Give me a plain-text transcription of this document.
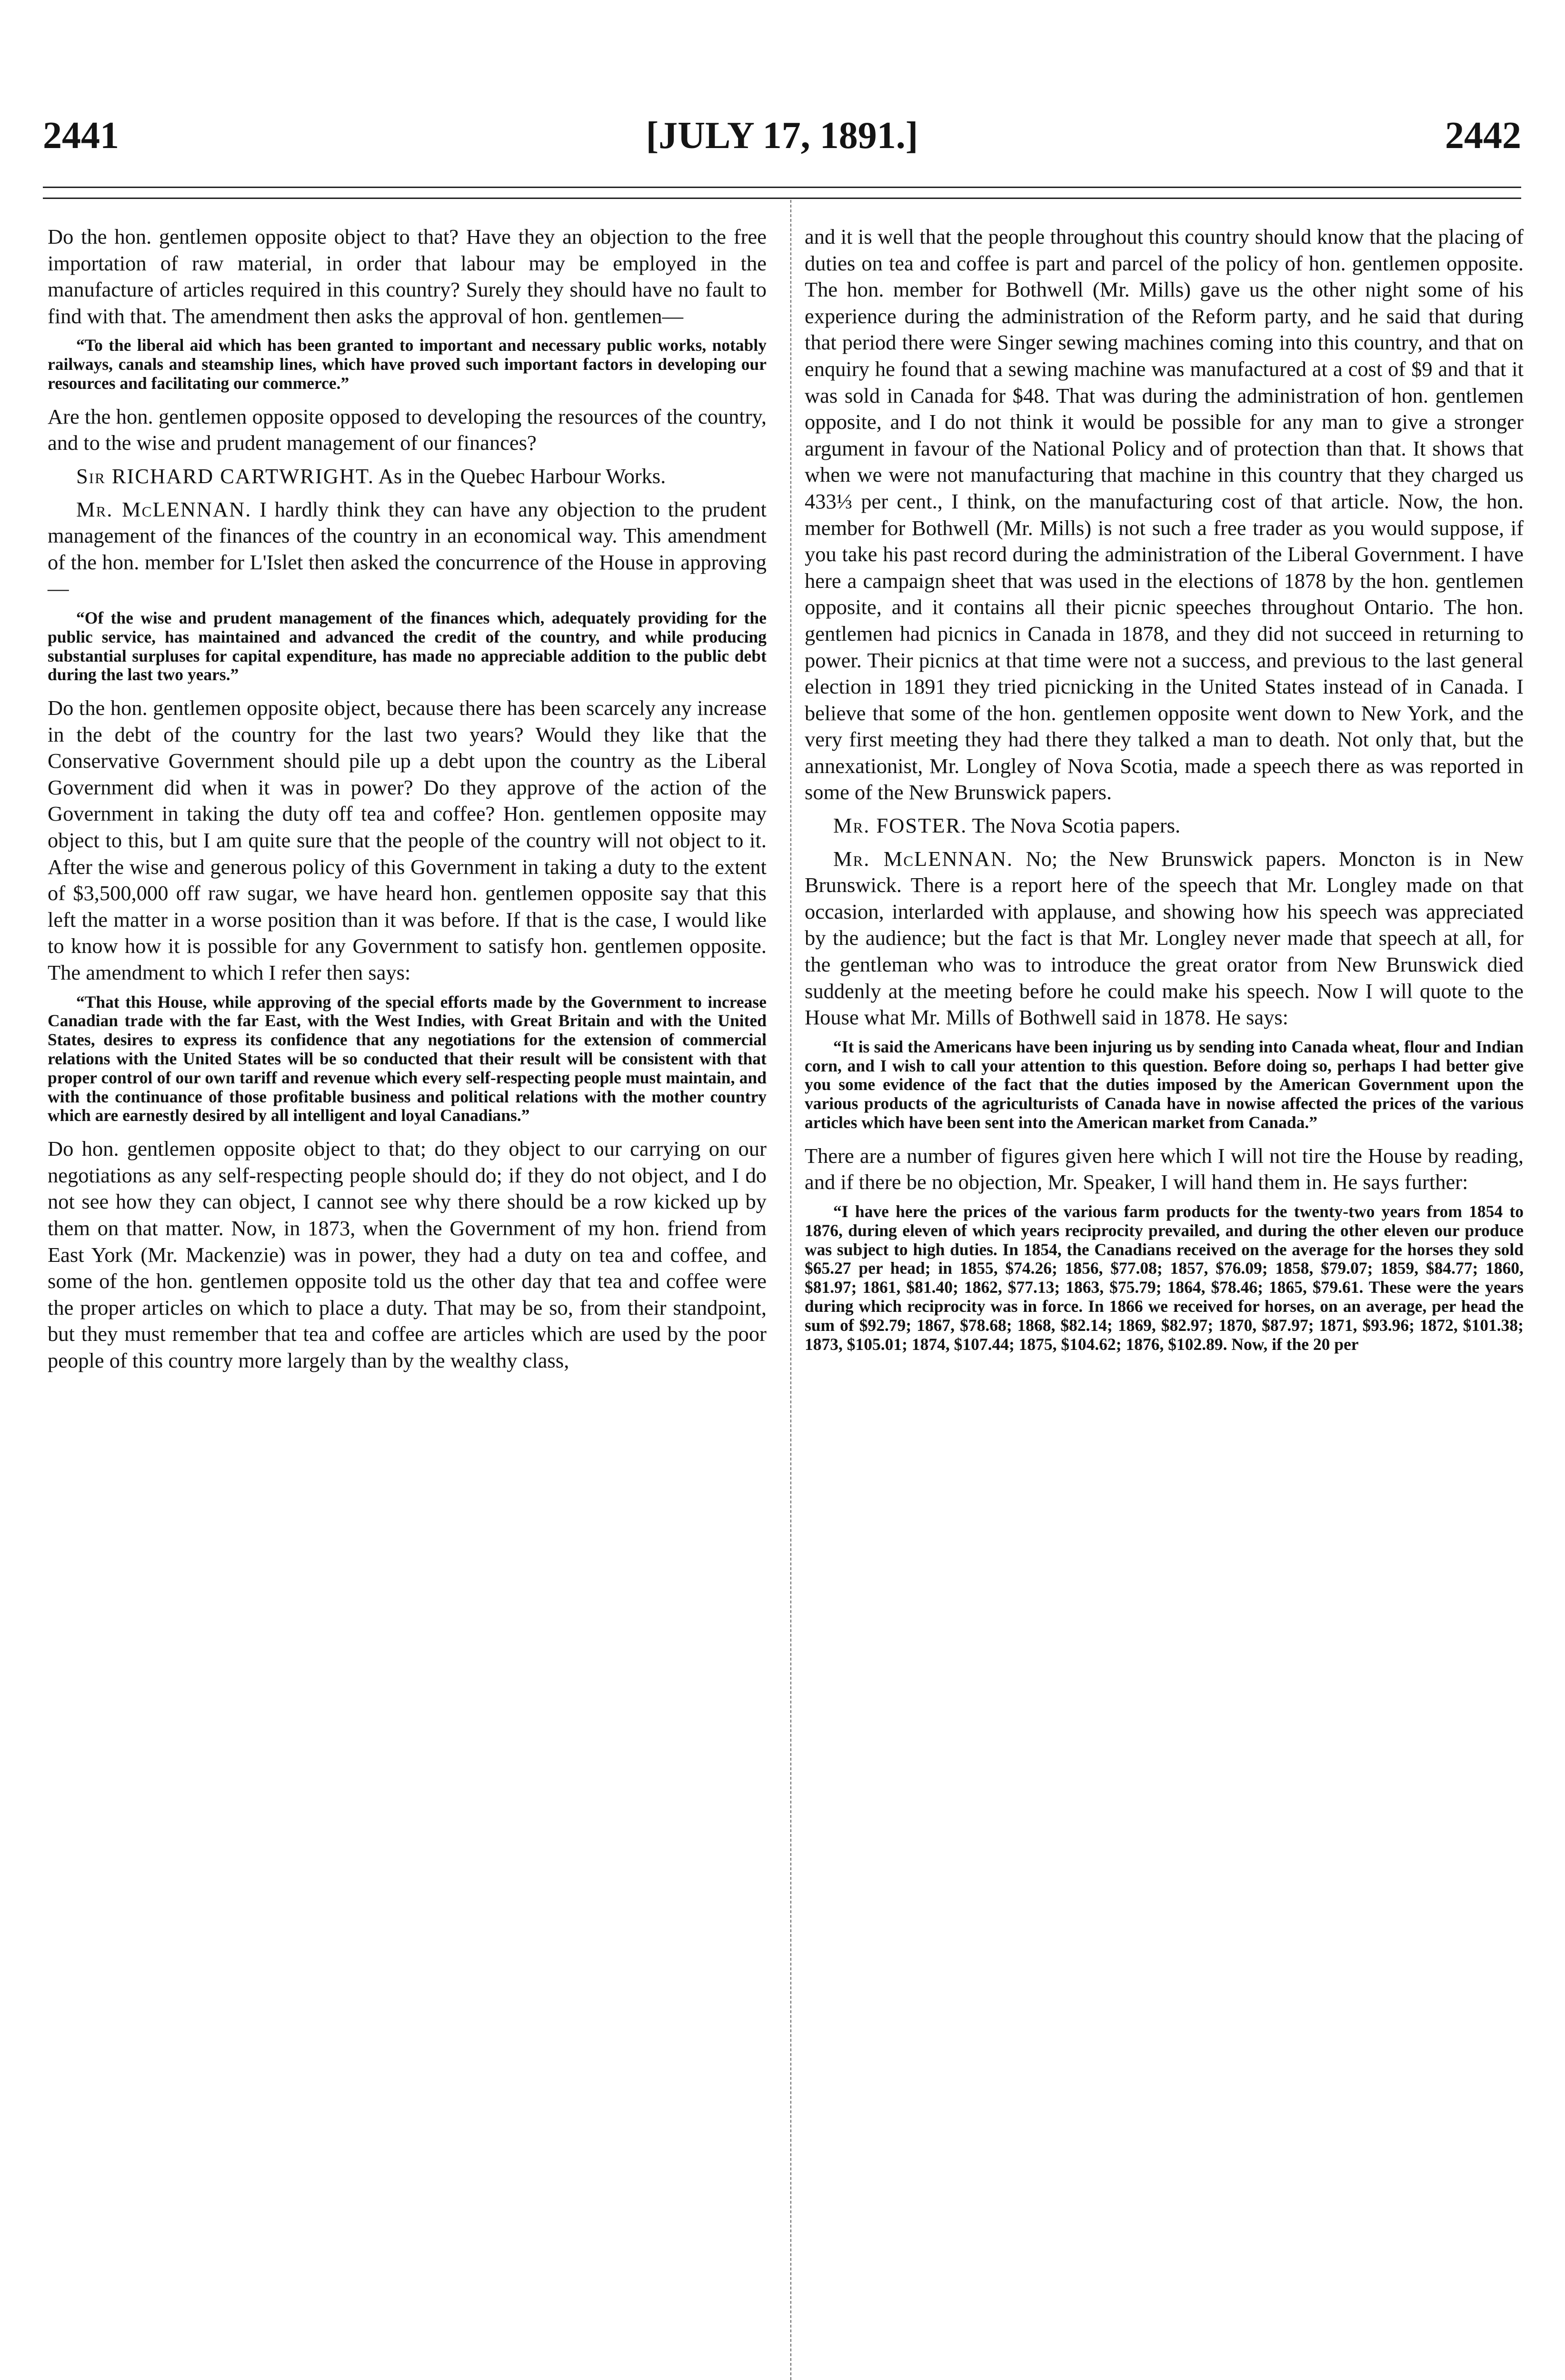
2441	[JULY 17, 1891.]	2442

Do the hon. gentlemen opposite object to that? Have they an objection to the free importation of raw material, in order that labour may be employed in the manufacture of articles required in this country? Surely they should have no fault to find with that. The amendment then asks the approval of hon. gentlemen—

“To the liberal aid which has been granted to important and necessary public works, notably railways, canals and steamship lines, which have proved such important factors in developing our resources and facilitating our commerce.”

Are the hon. gentlemen opposite opposed to developing the resources of the country, and to the wise and prudent management of our finances?

Sir RICHARD CARTWRIGHT. As in the Quebec Harbour Works.

Mr. McLENNAN. I hardly think they can have any objection to the prudent management of the finances of the country in an economical way. This amendment of the hon. member for L'Islet then asked the concurrence of the House in approving—

“Of the wise and prudent management of the finances which, adequately providing for the public service, has maintained and advanced the credit of the country, and while producing substantial surpluses for capital expenditure, has made no appreciable addition to the public debt during the last two years.”

Do the hon. gentlemen opposite object, because there has been scarcely any increase in the debt of the country for the last two years? Would they like that the Conservative Government should pile up a debt upon the country as the Liberal Government did when it was in power? Do they approve of the action of the Government in taking the duty off tea and coffee? Hon. gentlemen opposite may object to this, but I am quite sure that the people of the country will not object to it. After the wise and generous policy of this Government in taking a duty to the extent of $3,500,000 off raw sugar, we have heard hon. gentlemen opposite say that this left the matter in a worse position than it was before. If that is the case, I would like to know how it is possible for any Government to satisfy hon. gentlemen opposite. The amendment to which I refer then says:

“That this House, while approving of the special efforts made by the Government to increase Canadian trade with the far East, with the West Indies, with Great Britain and with the United States, desires to express its confidence that any negotiations for the extension of commercial relations with the United States will be so conducted that their result will be consistent with that proper control of our own tariff and revenue which every self-respecting people must maintain, and with the continuance of those profitable business and political relations with the mother country which are earnestly desired by all intelligent and loyal Canadians.”

Do hon. gentlemen opposite object to that; do they object to our carrying on our negotiations as any self-respecting people should do; if they do not object, and I do not see how they can object, I cannot see why there should be a row kicked up by them on that matter. Now, in 1873, when the Government of my hon. friend from East York (Mr. Mackenzie) was in power, they had a duty on tea and coffee, and some of the hon. gentlemen opposite told us the other day that tea and coffee were the proper articles on which to place a duty. That may be so, from their standpoint, but they must remember that tea and coffee are articles which are used by the poor people of this country more largely than by the wealthy class,

and it is well that the people throughout this country should know that the placing of duties on tea and coffee is part and parcel of the policy of hon. gentlemen opposite. The hon. member for Bothwell (Mr. Mills) gave us the other night some of his experience during the administration of the Reform party, and he said that during that period there were Singer sewing machines coming into this country, and that on enquiry he found that a sewing machine was manufactured at a cost of $9 and that it was sold in Canada for $48. That was during the administration of hon. gentlemen opposite, and I do not think it would be possible for any man to give a stronger argument in favour of the National Policy and of protection than that. It shows that when we were not manufacturing that machine in this country that they charged us 433⅓ per cent., I think, on the manufacturing cost of that article. Now, the hon. member for Bothwell (Mr. Mills) is not such a free trader as you would suppose, if you take his past record during the administration of the Liberal Government. I have here a campaign sheet that was used in the elections of 1878 by the hon. gentlemen opposite, and it contains all their picnic speeches throughout Ontario. The hon. gentlemen had picnics in Canada in 1878, and they did not succeed in returning to power. Their picnics at that time were not a success, and previous to the last general election in 1891 they tried picnicking in the United States instead of in Canada. I believe that some of the hon. gentlemen opposite went down to New York, and the very first meeting they had there they talked a man to death. Not only that, but the annexationist, Mr. Longley of Nova Scotia, made a speech there as was reported in some of the New Brunswick papers.

Mr. FOSTER. The Nova Scotia papers.

Mr. McLENNAN. No; the New Brunswick papers. Moncton is in New Brunswick. There is a report here of the speech that Mr. Longley made on that occasion, interlarded with applause, and showing how his speech was appreciated by the audience; but the fact is that Mr. Longley never made that speech at all, for the gentleman who was to introduce the great orator from New Brunswick died suddenly at the meeting before he could make his speech. Now I will quote to the House what Mr. Mills of Bothwell said in 1878. He says:

“It is said the Americans have been injuring us by sending into Canada wheat, flour and Indian corn, and I wish to call your attention to this question. Before doing so, perhaps I had better give you some evidence of the fact that the duties imposed by the American Government upon the various products of the agriculturists of Canada have in nowise affected the prices of the various articles which have been sent into the American market from Canada.”

There are a number of figures given here which I will not tire the House by reading, and if there be no objection, Mr. Speaker, I will hand them in. He says further:

“I have here the prices of the various farm products for the twenty-two years from 1854 to 1876, during eleven of which years reciprocity prevailed, and during the other eleven our produce was subject to high duties. In 1854, the Canadians received on the average for the horses they sold $65.27 per head; in 1855, $74.26; 1856, $77.08; 1857, $76.09; 1858, $79.07; 1859, $84.77; 1860, $81.97; 1861, $81.40; 1862, $77.13; 1863, $75.79; 1864, $78.46; 1865, $79.61. These were the years during which reciprocity was in force. In 1866 we received for horses, on an average, per head the sum of $92.79; 1867, $78.68; 1868, $82.14; 1869, $82.97; 1870, $87.97; 1871, $93.96; 1872, $101.38; 1873, $105.01; 1874, $107.44; 1875, $104.62; 1876, $102.89. Now, if the 20 per
